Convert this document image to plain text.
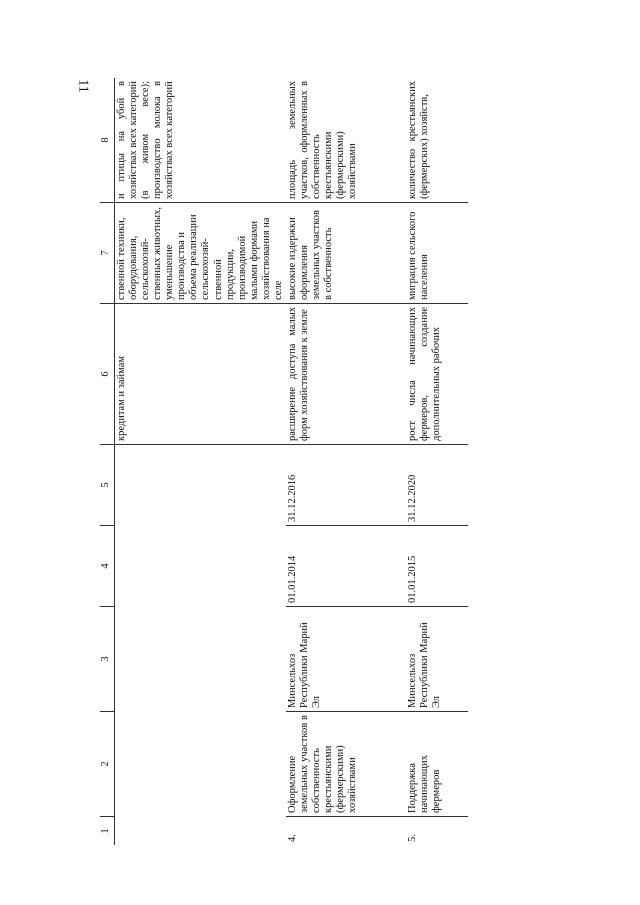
11
1	2	3	4	5	6	7	8
					кредитам и займам	ственной техники, оборудования, сельскохозяй-ственных животных, уменьшение производства и объема реализации сельскохозяй-ственной продукции, производимой малыми формами хозяйствования на селе	и птицы на убой в хозяйствах всех категорий (в живом весе); производство молока в хозяйствах всех категорий
4.	Оформление земельных участков в собственность крестьянскими (фермерскими) хозяйствами	Минсельхоз Республики Марий Эл	01.01.2014	31.12.2016	расширение доступа малых форм хозяйствования к земле	высокие издержки оформления земельных участков в собственность	площадь земельных участков, оформленных в собственность крестьянскими (фермерскими) хозяйствами
5.	Поддержка начинающих фермеров	Минсельхоз Республики Марий Эл	01.01.2015	31.12.2020	рост числа начинающих фермеров, создание дополнительных рабочих	миграция сельского населения	количество крестьянских (фермерских) хозяйств,
